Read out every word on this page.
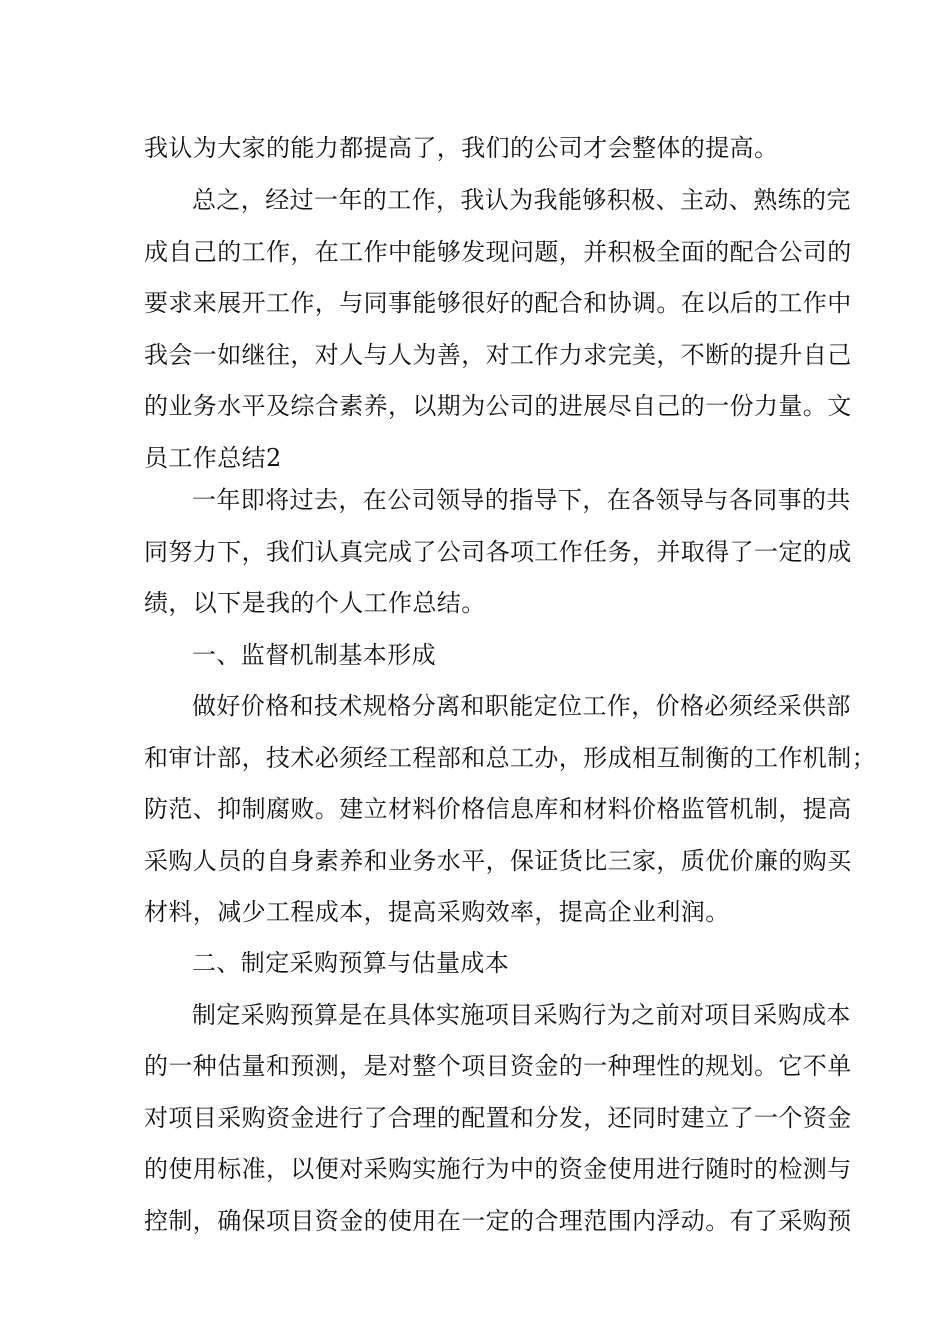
我认为大家的能力都提高了，我们的公司才会整体的提高。
总之，经过一年的工作，我认为我能够积极、主动、熟练的完
成自己的工作，在工作中能够发现问题，并积极全面的配合公司的
要求来展开工作，与同事能够很好的配合和协调。在以后的工作中
我会一如继往，对人与人为善，对工作力求完美，不断的提升自己
的业务水平及综合素养，以期为公司的进展尽自己的一份力量。文
员工作总结2
一年即将过去，在公司领导的指导下，在各领导与各同事的共
同努力下，我们认真完成了公司各项工作任务，并取得了一定的成
绩，以下是我的个人工作总结。
一、监督机制基本形成
做好价格和技术规格分离和职能定位工作，价格必须经采供部
和审计部，技术必须经工程部和总工办，形成相互制衡的工作机制；
防范、抑制腐败。建立材料价格信息库和材料价格监管机制，提高
采购人员的自身素养和业务水平，保证货比三家，质优价廉的购买
材料，减少工程成本，提高采购效率，提高企业利润。
二、制定采购预算与估量成本
制定采购预算是在具体实施项目采购行为之前对项目采购成本
的一种估量和预测，是对整个项目资金的一种理性的规划。它不单
对项目采购资金进行了合理的配置和分发，还同时建立了一个资金
的使用标准，以便对采购实施行为中的资金使用进行随时的检测与
控制，确保项目资金的使用在一定的合理范围内浮动。有了采购预
